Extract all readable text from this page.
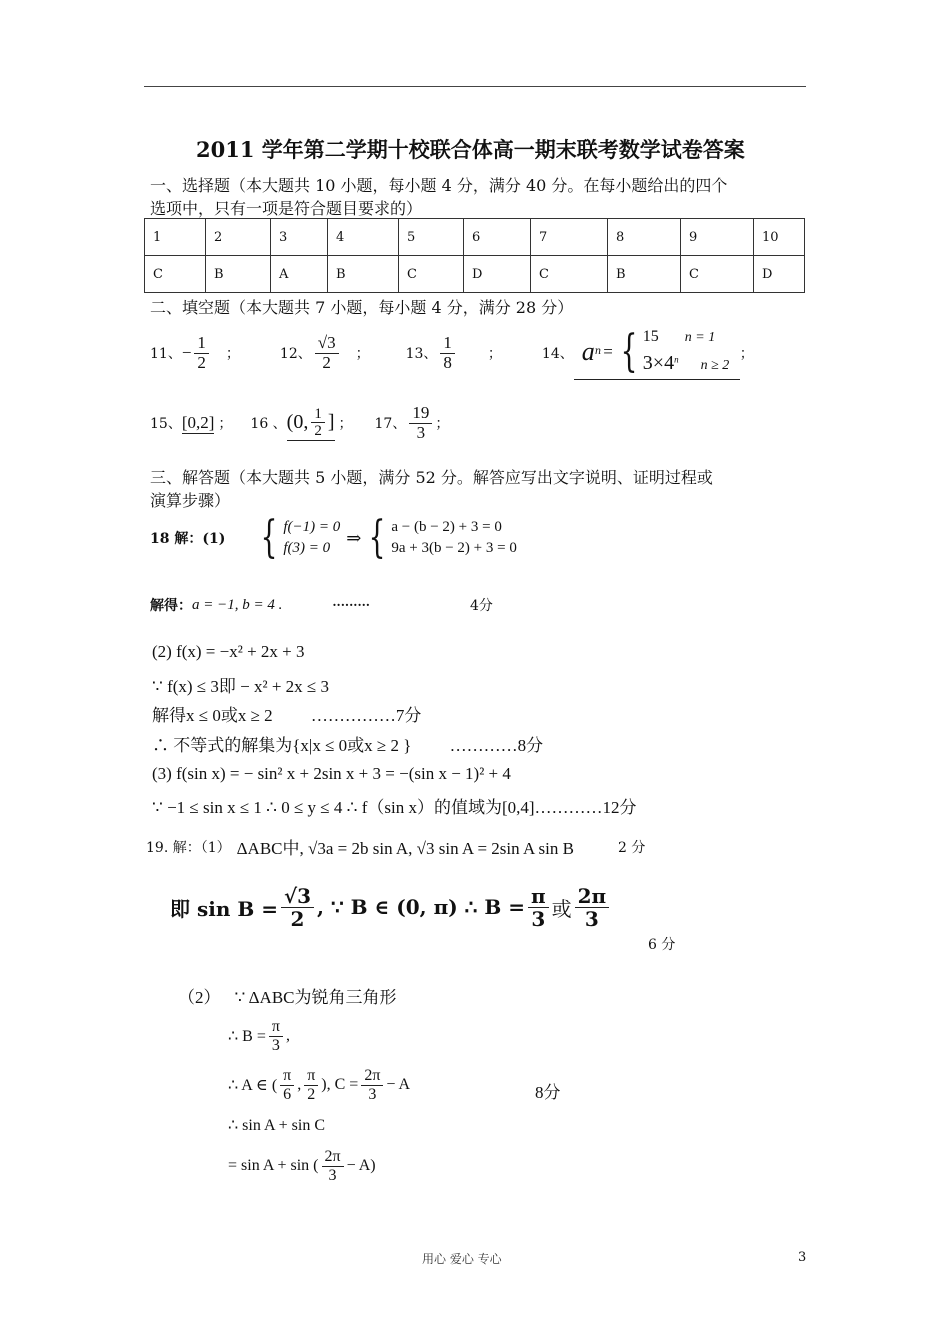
2011 学年第二学期十校联合体高一期末联考数学试卷答案
一、选择题（本大题共 10 小题，每小题 4 分，满分 40 分。在每小题给出的四个
选项中，只有一项是符合题目要求的）
1	2	3	4	5	6	7	8	9	10
C	B	A	B	C	D	C	B	C	D
二、填空题（本大题共 7 小题，每小题 4 分，满分 28 分）
11、 − $\frac{1}{2}$ ；	12、 $\frac{√3}{2}$ ；	13、 $\frac{1}{8}$ ；	14、 a n = { 15 n = 1
$3\times 4^n$ n ≥ 2
；
15、 [0,2] ； 16 、 (0, $\frac{1}{2}$ ] ； 17、 $\frac{19}{3}$ ；
三、解答题（本大题共 5 小题，满分 52 分。解答应写出文字说明、证明过程或
演算步骤）
18 解：(1) { f(−1) = 0
f(3) = 0
⇒ { a − (b − 2) + 3 = 0
9a + 3(b − 2) + 3 = 0
解得： a = −1, b = 4 .	·········	4分
(2) f(x) = −x² + 2x + 3
∵ f(x) ≤ 3即 − x² + 2x ≤ 3
解得x ≤ 0或x ≥ 2 ……………7分
∴ 不等式的解集为{x|x ≤ 0或x ≥ 2 } …………8分
(3) f(sin x) = − sin² x + 2sin x + 3 = −(sin x − 1)² + 4
∵ −1 ≤ sin x ≤ 1 ∴ 0 ≤ y ≤ 4 ∴ f（sin x）的值域为[0,4]…………12分
19. 解：（1） ΔABC中, √3a = 2b sin A, √3 sin A = 2sin A sin B	2 分
即 $\sin B = \frac{√3}{2}$ , ∵ B ∈ (0, π) ∴ $B = \frac{\pi}{3}$ 或 $\frac{2\pi}{3}$
6 分
（2） ∵ ΔABC为锐角三角形
∴ $B = \frac{\pi}{3}$ ,
∴ A ∈ ( $\frac{\pi}{6}$ , $\frac{\pi}{2}$ ), $C = \frac{2\pi}{3} - A$	8分
∴ sin A + sin C
= sin A + sin ( $\frac{2\pi}{3} - A$)
用心 爱心 专心	3
